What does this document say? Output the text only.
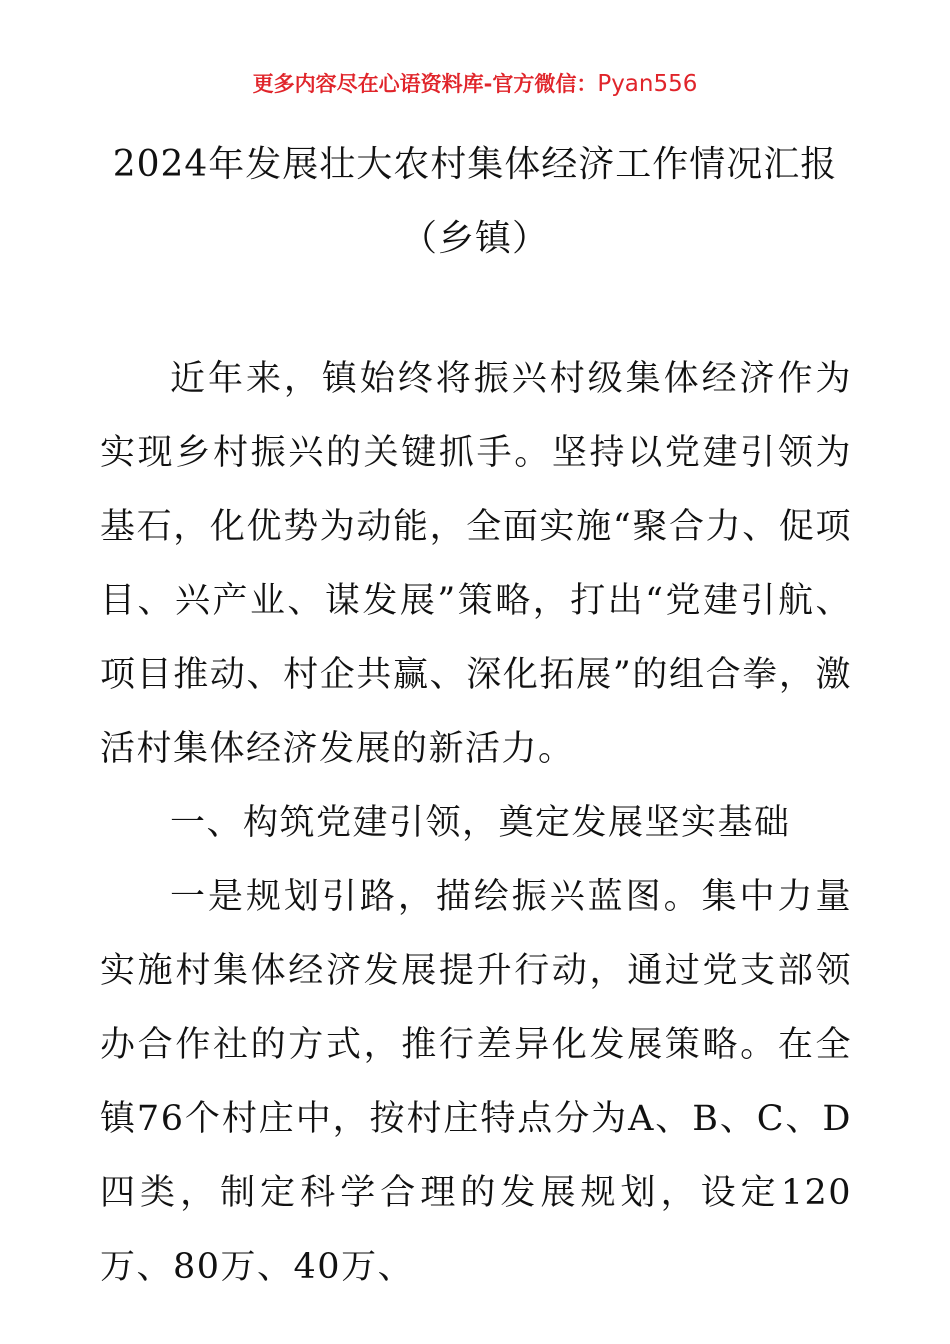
更多内容尽在心语资料库-官方微信：Pyan556
2024年发展壮大农村集体经济工作情况汇报（乡镇）

近年来，镇始终将振兴村级集体经济作为实现乡村振兴的关键抓手。坚持以党建引领为基石，化优势为动能，全面实施“聚合力、促项目、兴产业、谋发展”策略，打出“党建引航、项目推动、村企共赢、深化拓展”的组合拳，激活村集体经济发展的新活力。

一、构筑党建引领，奠定发展坚实基础

一是规划引路，描绘振兴蓝图。集中力量实施村集体经济发展提升行动，通过党支部领办合作社的方式，推行差异化发展策略。在全镇76个村庄中，按村庄特点分为A、B、C、D四类，制定科学合理的发展规划，设定120万、80万、40万、
